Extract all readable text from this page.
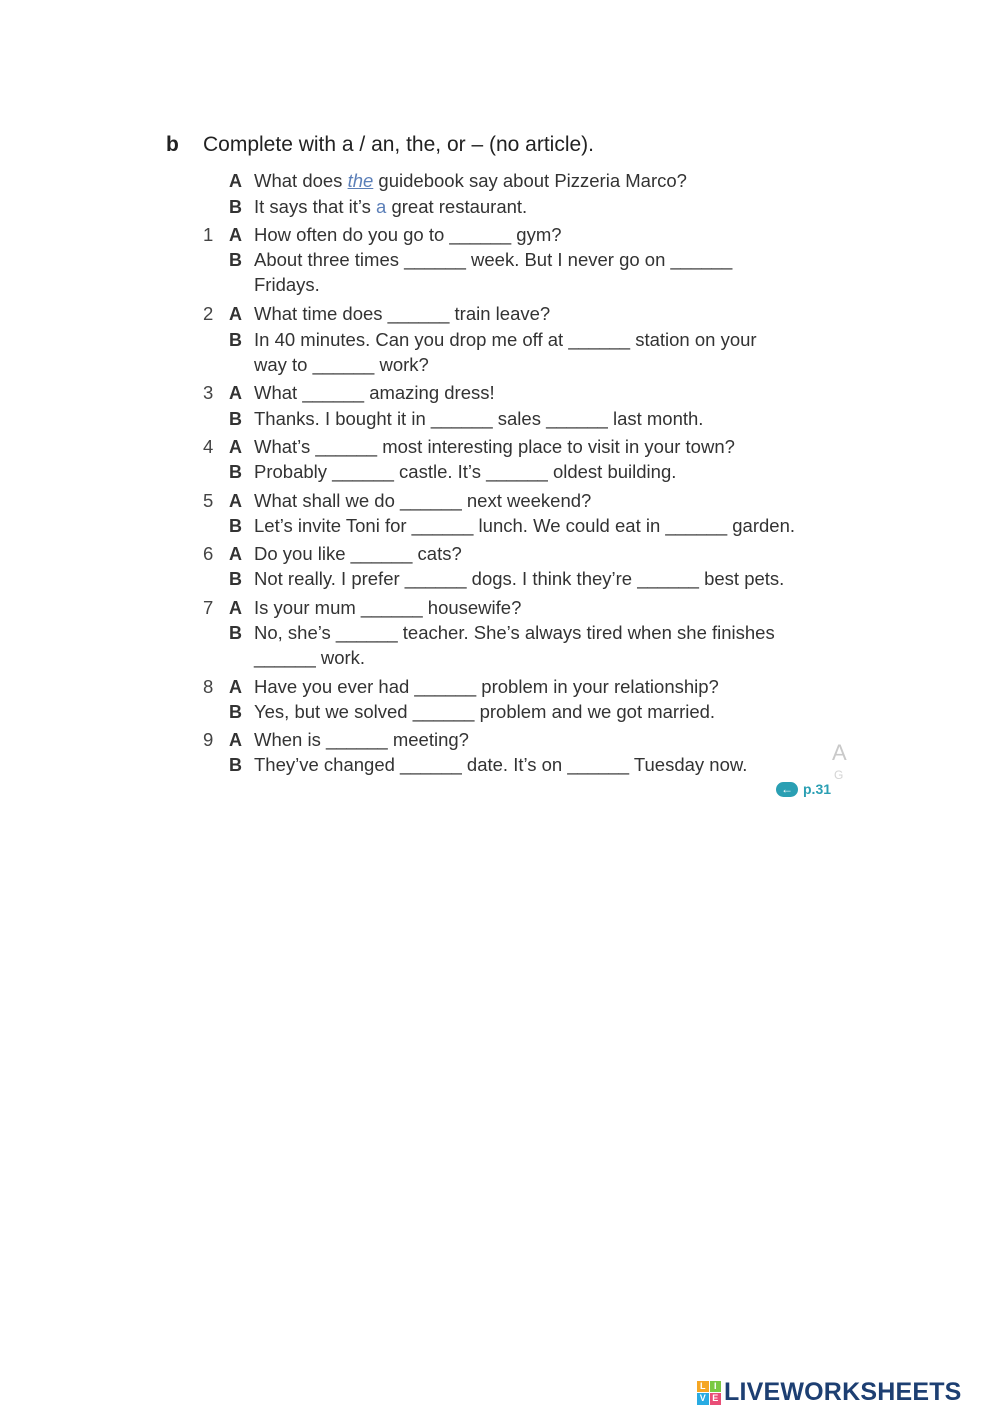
b Complete with a / an, the, or – (no article).
A What does the guidebook say about Pizzeria Marco?
B It says that it’s a great restaurant.
1 A How often do you go to ______ gym?
B About three times ______ week. But I never go on ______
Fridays.
2 A What time does ______ train leave?
B In 40 minutes. Can you drop me off at ______ station on your
way to ______ work?
3 A What ______ amazing dress!
B Thanks. I bought it in ______ sales ______ last month.
4 A What’s ______ most interesting place to visit in your town?
B Probably ______ castle. It’s ______ oldest building.
5 A What shall we do ______ next weekend?
B Let’s invite Toni for ______ lunch. We could eat in ______ garden.
6 A Do you like ______ cats?
B Not really. I prefer ______ dogs. I think they’re ______ best pets.
7 A Is your mum ______ housewife?
B No, she’s ______ teacher. She’s always tired when she finishes
______ work.
8 A Have you ever had ______ problem in your relationship?
B Yes, but we solved ______ problem and we got married.
9 A When is ______ meeting?
B They’ve changed ______ date. It’s on ______ Tuesday now.	A
G
← p.31
L I
V E LIVEWORKSHEETS
